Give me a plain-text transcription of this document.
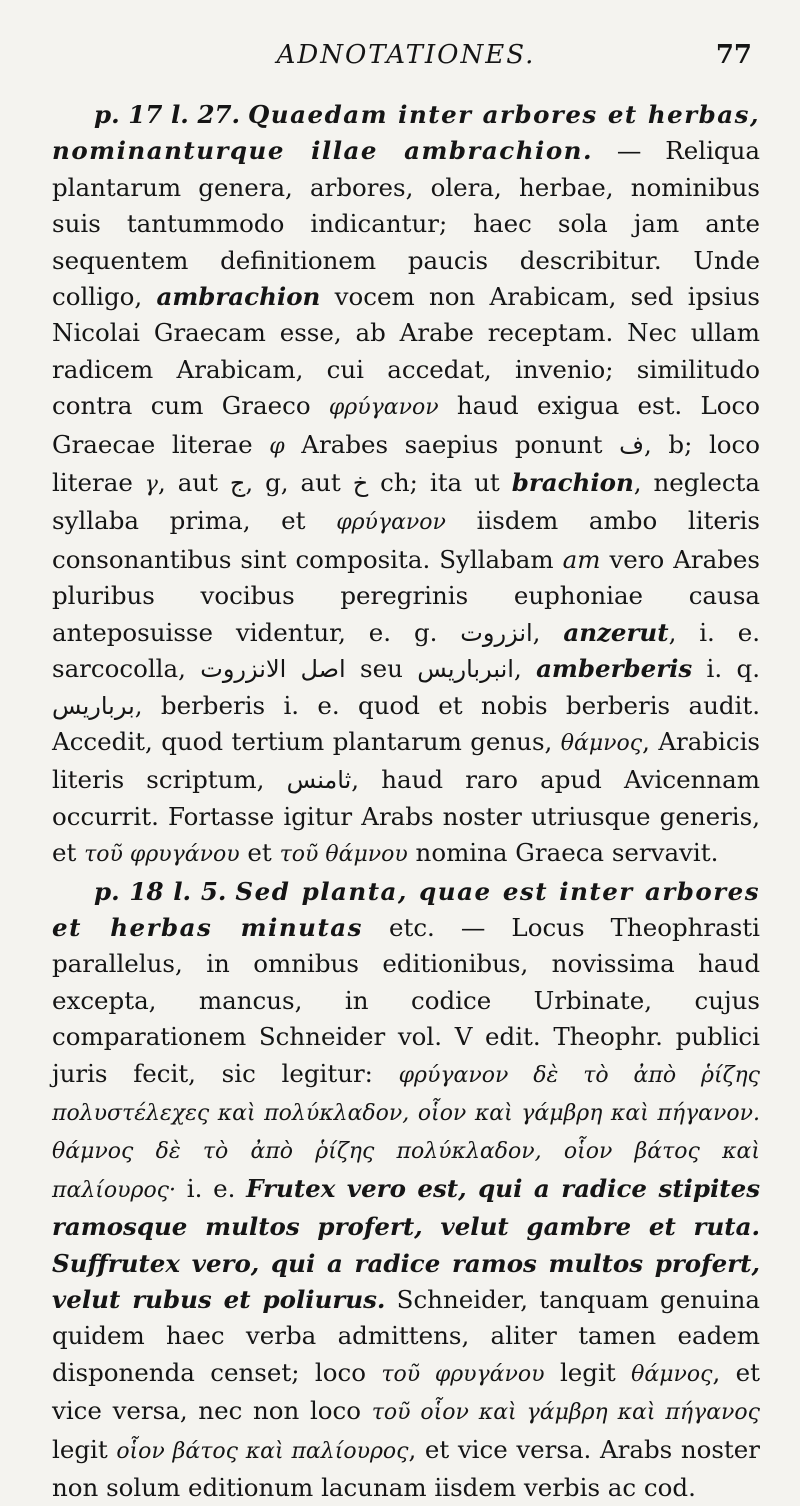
ADNOTATIONES.	77

p. 17 l. 27. Quaedam inter arbores et herbas, nominanturque illae ambrachion. — Reliqua plantarum genera, arbores, olera, herbae, nominibus suis tantummodo indicantur; haec sola jam ante sequentem definitionem paucis describitur. Unde colligo, ambrachion vocem non Arabicam, sed ipsius Nicolai Graecam esse, ab Arabe receptam. Nec ullam radicem Arabicam, cui accedat, invenio; similitudo contra cum Graeco φρύγανον haud exigua est. Loco Graecae literae φ Arabes saepius ponunt ﻑ, b; loco literae γ, aut ج, g, aut خ ch; ita ut brachion, neglecta syllaba prima, et φρύγανον iisdem ambo literis consonantibus sint composita. Syllabam am vero Arabes pluribus vocibus peregrinis euphoniae causa anteposuisse videntur, e. g. انزروت, anzerut, i. e. sarcocolla, اصل الانزروت seu انبرباريس, amberberis i. q. برباريس, berberis i. e. quod et nobis berberis audit. Accedit, quod tertium plantarum genus, θάμνος, Arabicis literis scriptum, ثامنس, haud raro apud Avicennam occurrit. Fortasse igitur Arabs noster utriusque generis, et τοῦ φρυγάνου et τοῦ θάμνου nomina Graeca servavit.

p. 18 l. 5. Sed planta, quae est inter arbores et herbas minutas etc. — Locus Theophrasti parallelus, in omnibus editionibus, novissima haud excepta, mancus, in codice Urbinate, cujus comparationem Schneider vol. V edit. Theophr. publici juris fecit, sic legitur: φρύγανον δὲ τὸ ἀπὸ ῥίζης πολυστέλεχες καὶ πολύκλαδον, οἷον καὶ γάμβρη καὶ πήγανον. θάμνος δὲ τὸ ἀπὸ ῥίζης πολύκλαδον, οἷον βάτος καὶ παλίουρος· i. e. Frutex vero est, qui a radice stipites ramosque multos profert, velut gambre et ruta. Suffrutex vero, qui a radice ramos multos profert, velut rubus et poliurus. Schneider, tanquam genuina quidem haec verba admittens, aliter tamen eadem disponenda censet; loco τοῦ φρυγάνου legit θάμνος, et vice versa, nec non loco τοῦ οἷον καὶ γάμβρη καὶ πήγανος legit οἷον βάτος καὶ παλίουρος, et vice versa. Arabs noster non solum editionum lacunam iisdem verbis ac cod.
